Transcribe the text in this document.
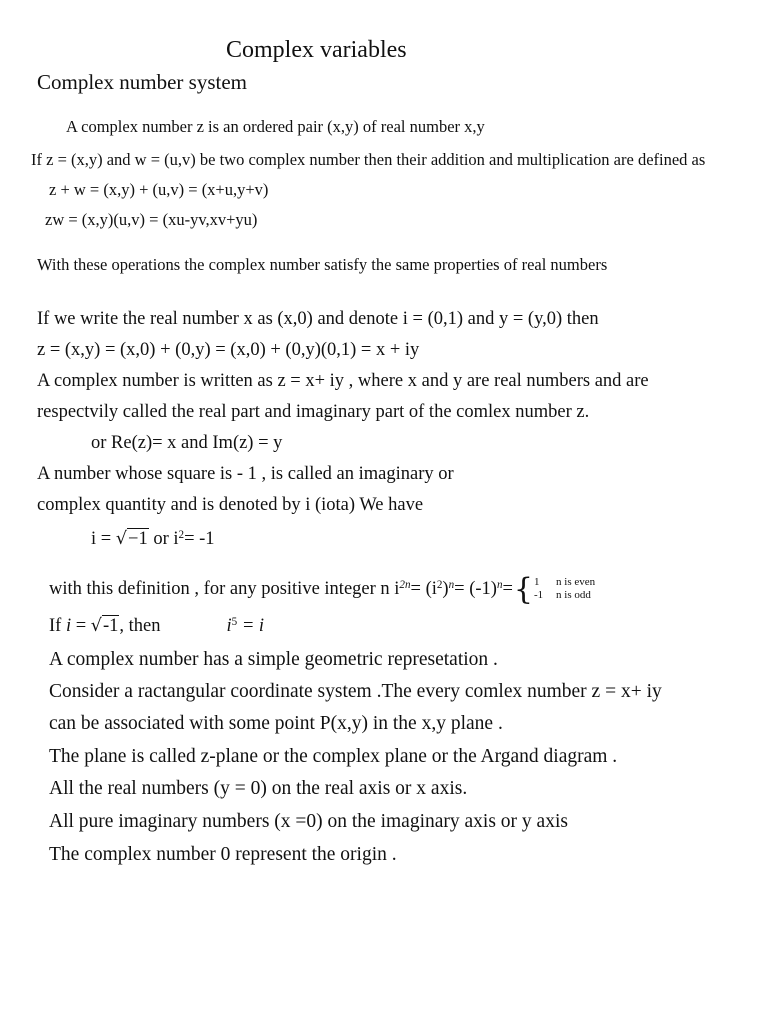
Complex variables
Complex number system
A complex number z is an ordered pair (x,y) of real number x,y
If z = (x,y) and w = (u,v) be two complex number then their addition and multiplication are defined as
z + w = (x,y) + (u,v) = (x+u,y+v)
zw = (x,y)(u,v) = (xu-yv,xv+yu)
With these operations the complex number satisfy the same properties of real numbers
If we write the real number x as (x,0) and denote i = (0,1) and y = (y,0) then
z = (x,y) = (x,0) + (0,y) = (x,0) + (0,y)(0,1) = x + iy
A complex number is written as z = x+ iy , where x and y are real numbers and are
respectvily called the real part and imaginary part of the comlex number z.
or Re(z)= x and Im(z) = y
A number whose square is - 1 , is called an imaginary or
complex quantity and is denoted by i (iota) We have
i = √−1 or $i^2= -1$
with this definition , for any positive integer n $i^{2n}= (i^2)^n= (-1)^n=\{1$ n is even
-1 n is odd
If i = √-1, then	$i^5 = i$
A complex number has a simple geometric represetation .
Consider a ractangular coordinate system .The every comlex number z = x+ iy
can be associated with some point P(x,y) in the x,y plane .
The plane is called z-plane or the complex plane or the Argand diagram .
All the real numbers (y = 0) on the real axis or x axis.
All pure imaginary numbers (x =0) on the imaginary axis or y axis
The complex number 0 represent the origin .
